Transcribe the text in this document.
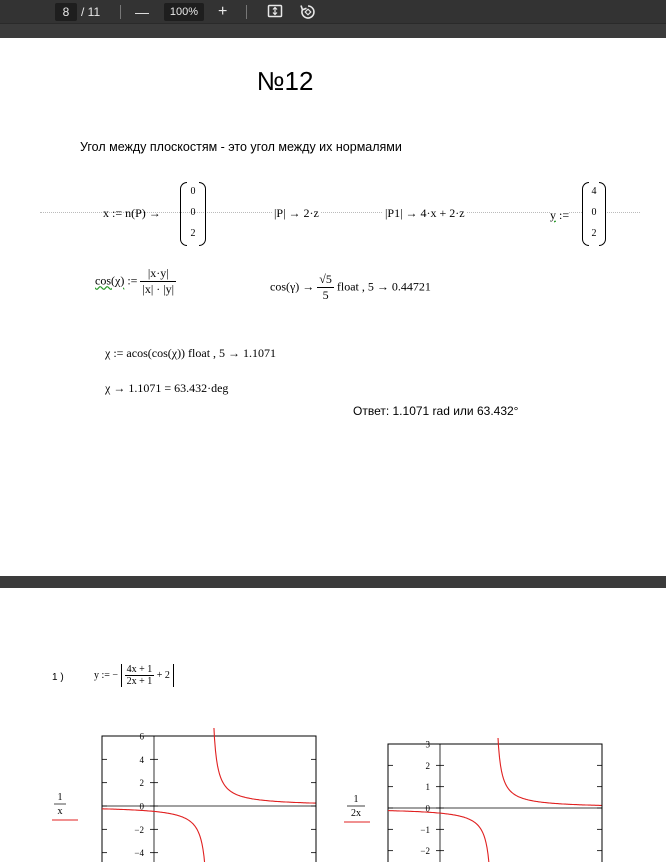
8 / 11 —	100%	+
№12
Угол между плоскостям - это угол между их нормалями
x := n(P) →
0
0
2
|P| → 2·z	|P1| → 4·x + 2·z	y :=
4
0
2
cos(χ) := $\frac{|x\cdot y|}{|x| \cdot |y|}$	$\cos(\gamma) \to \frac{√5}{5}$ float , 5 → 0.44721
χ := acos(cos(χ)) float , 5 → 1.1071
χ → 1.1071 = 63.432·deg
Ответ: 1.1071 rad или 63.432°
1 )	y := − $\frac{4x + 1}{2x + 1} + 2$
6
4
2
0
−2
−4
1
x
3
2
1
0
−1
−2
1
2x
